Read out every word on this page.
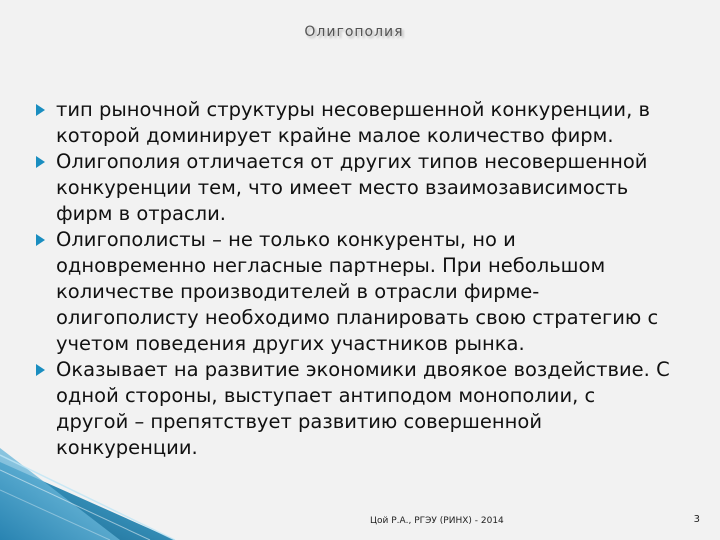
Олигополия
тип рыночной структуры несовершенной конкуренции, в
которой доминирует крайне малое количество фирм.
Олигополия отличается от других типов несовершенной
конкуренции тем, что имеет место взаимозависимость
фирм в отрасли.
Олигополисты – не только конкуренты, но и
одновременно негласные партнеры. При небольшом
количестве производителей в отрасли фирме-
олигополисту необходимо планировать свою стратегию с
учетом поведения других участников рынка.
Оказывает на развитие экономики двоякое воздействие. С
одной стороны, выступает антиподом монополии, с
другой – препятствует развитию совершенной
конкуренции.
Цой Р.А., РГЭУ (РИНХ) - 2014	3
